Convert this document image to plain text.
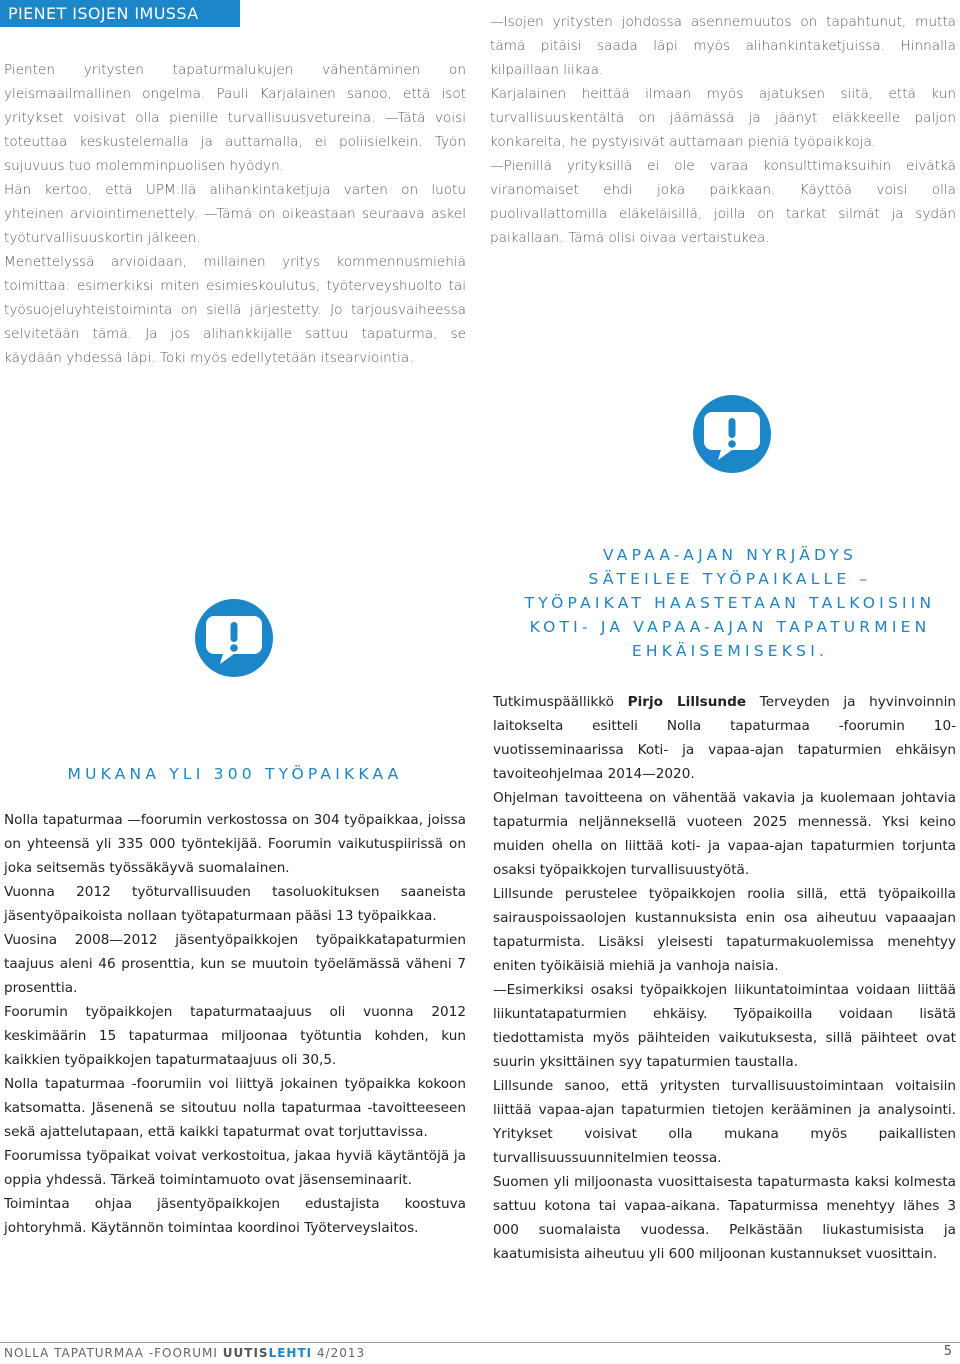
PIENET ISOJEN IMUSSA

Pienten yritysten tapaturmalukujen vähentäminen on yleismaailmallinen ongelma. Pauli Karjalainen sanoo, että isot yritykset voisivat olla pienille turvallisuusvetureina. —Tätä voisi toteuttaa keskustelemalla ja auttamalla, ei poliisielkein. Työn sujuvuus tuo molemminpuolisen hyödyn.

Hän kertoo, että UPM:llä alihankintaketjuja varten on luotu yhteinen arviointimenettely. —Tämä on oikeastaan seuraava askel työturvallisuuskortin jälkeen.

Menettelyssä arvioidaan, millainen yritys kommennusmiehiä toimittaa: esimerkiksi miten esimieskoulutus, työterveyshuolto tai työsuojeluyhteistoiminta on siellä järjestetty. Jo tarjousvaiheessa selvitetään tämä. Ja jos alihankkijalle sattuu tapaturma, se käydään yhdessä läpi. Toki myös edellytetään itsearviointia.

—Isojen yritysten johdossa asennemuutos on tapahtunut, mutta tämä pitäisi saada läpi myös alihankintaketjuissa. Hinnalla kilpaillaan liikaa.

Karjalainen heittää ilmaan myös ajatuksen siitä, että kun turvallisuuskentältä on jäämässä ja jäänyt eläkkeelle paljon konkareita, he pystyisivät auttamaan pieniä työpaikkoja.

—Pienillä yrityksillä ei ole varaa konsulttimaksuihin eivätkä viranomaiset ehdi joka paikkaan. Käyttöä voisi olla puolivallattomilla eläkeläisillä, joilla on tarkat silmät ja sydän paikallaan. Tämä olisi oivaa vertaistukea.

VAPAA-AJAN NYRJÄDYS
SÄTEILEE TYÖPAIKALLE –
TYÖPAIKAT HAASTETAAN TALKOISIIN
KOTI- JA VAPAA-AJAN TAPATURMIEN
EHKÄISEMISEKSI.
MUKANA YLI 300 TYÖPAIKKAA

Nolla tapaturmaa —foorumin verkostossa on 304 työpaikkaa, joissa on yhteensä yli 335 000 työntekijää. Foorumin vaikutuspiirissä on joka seitsemäs työssäkäyvä suomalainen.

Vuonna 2012 työturvallisuuden tasoluokituksen saaneista jäsentyöpaikoista nollaan työtapaturmaan pääsi 13 työpaikkaa.

Vuosina 2008—2012 jäsentyöpaikkojen työpaikkatapaturmien taajuus aleni 46 prosenttia, kun se muutoin työelämässä väheni 7 prosenttia.

Foorumin työpaikkojen tapaturmataajuus oli vuonna 2012 keskimäärin 15 tapaturmaa miljoonaa työtuntia kohden, kun kaikkien työpaikkojen tapaturmataajuus oli 30,5.

Nolla tapaturmaa -foorumiin voi liittyä jokainen työpaikka kokoon katsomatta. Jäsenenä se sitoutuu nolla tapaturmaa -tavoitteeseen sekä ajattelutapaan, että kaikki tapaturmat ovat torjuttavissa.

Foorumissa työpaikat voivat verkostoitua, jakaa hyviä käytäntöjä ja oppia yhdessä. Tärkeä toimintamuoto ovat jäsenseminaarit.

Toimintaa ohjaa jäsentyöpaikkojen edustajista koostuva johtoryhmä. Käytännön toimintaa koordinoi Työterveyslaitos.

Tutkimuspäällikkö Pirjo Lillsunde Terveyden ja hyvinvoinnin laitokselta esitteli Nolla tapaturmaa -foorumin 10-vuotisseminaarissa Koti- ja vapaa-ajan tapaturmien ehkäisyn tavoiteohjelmaa 2014—2020.

Ohjelman tavoitteena on vähentää vakavia ja kuolemaan johtavia tapaturmia neljänneksellä vuoteen 2025 mennessä. Yksi keino muiden ohella on liittää koti- ja vapaa-ajan tapaturmien torjunta osaksi työpaikkojen turvallisuustyötä.

Lillsunde perustelee työpaikkojen roolia sillä, että työpaikoilla sairauspoissaolojen kustannuksista enin osa aiheutuu vapaaajan tapaturmista. Lisäksi yleisesti tapaturmakuolemissa menehtyy eniten työikäisiä miehiä ja vanhoja naisia.

—Esimerkiksi osaksi työpaikkojen liikuntatoimintaa voidaan liittää liikuntatapaturmien ehkäisy. Työpaikoilla voidaan lisätä tiedottamista myös päihteiden vaikutuksesta, sillä päihteet ovat suurin yksittäinen syy tapaturmien taustalla.

Lillsunde sanoo, että yritysten turvallisuustoimintaan voitaisiin liittää vapaa-ajan tapaturmien tietojen kerääminen ja analysointi. Yritykset voisivat olla mukana myös paikallisten turvallisuussuunnitelmien teossa.

Suomen yli miljoonasta vuosittaisesta tapaturmasta kaksi kolmesta sattuu kotona tai vapaa-aikana. Tapaturmissa menehtyy lähes 3 000 suomalaista vuodessa. Pelkästään liukastumisista ja kaatumisista aiheutuu yli 600 miljoonan kustannukset vuosittain.

NOLLA TAPATURMAA -FOORUMI UUTISLEHTI 4/2013	5
